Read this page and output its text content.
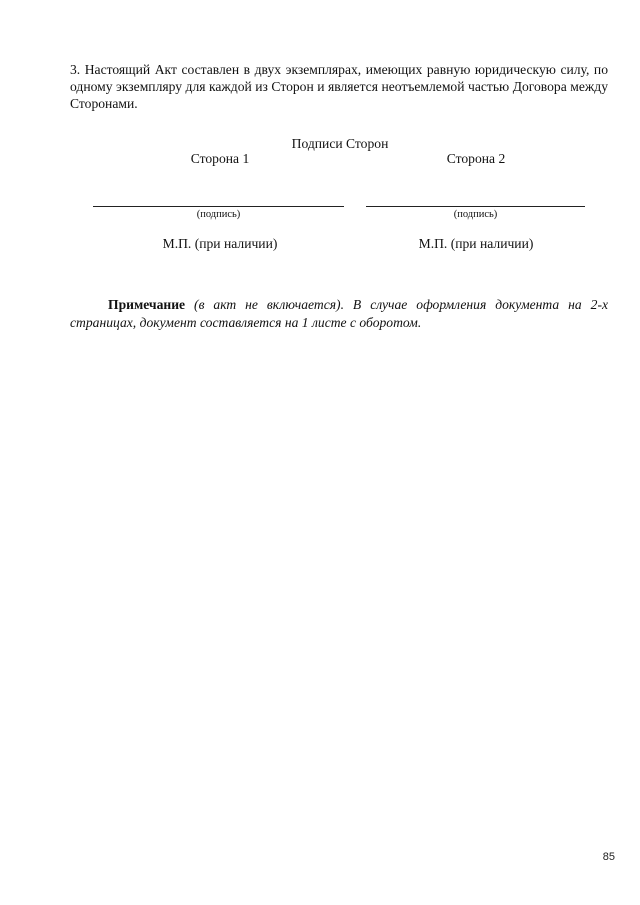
3. Настоящий Акт составлен в двух экземплярах, имеющих равную юридическую силу, по одному экземпляру для каждой из Сторон и является неотъемлемой частью Договора между Сторонами.

Подписи Сторон
Сторона 1	Сторона 2
(подпись)	(подпись)
М.П. (при наличии)	М.П. (при наличии)

Примечание (в акт не включается). В случае оформления документа на 2-х страницах, документ составляется на 1 листе с оборотом.

85
